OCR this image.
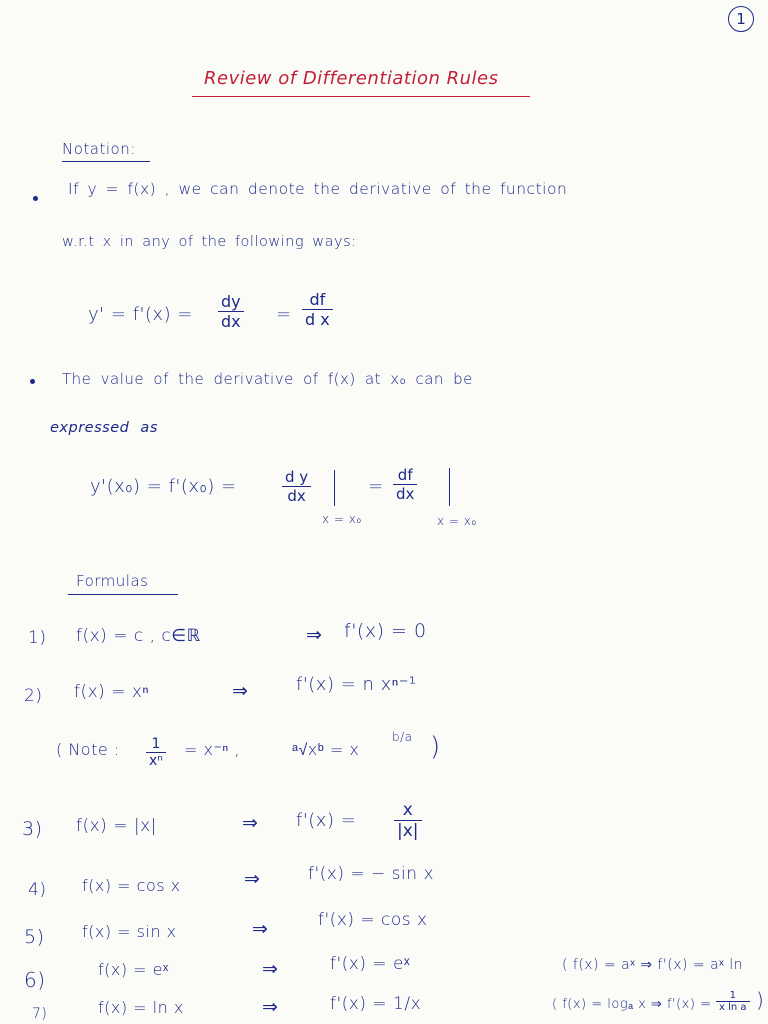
1
Review of Differentiation Rules
Notation:
If y = f(x) , we can denote the derivative of the function
w.r.t x in any of the following ways:
$y' = f'(x) = \frac{dy}{dx} = \frac{df}{\text{d x}}$
The value of the derivative of f(x) at x₀ can be
expressed as
y'(x₀) = f'(x₀) =	$\frac{\text{d y}}{dx}$
x = x₀
= $\frac{df}{dx}$
x = x₀
Formulas
1) f(x) = c , c∈ℝ	⇒ f'(x) = 0
2) f(x) = xⁿ	⇒	f'(x) = n xⁿ⁻¹
( Note : $\frac{1}{\text{xⁿ}} = x^{-n}$ ,	ᵃ√xᵇ = x
b/a )
3) f(x) = |x|	⇒ $f'(x) = \frac{x}{|x|}$
4) f(x) = cos x	⇒	f'(x) = − sin x
5) f(x) = sin x	⇒	f'(x) = cos x
6)	f(x) = eˣ	⇒	f'(x) = eˣ	( f(x) = aˣ ⇒ f'(x) = aˣ ln
7)	f(x) = ln x	⇒	f'(x) = 1/x	( f(x) = logₐ x ⇒ $f'(x) = \frac{1}{\text{x ln a}}$ )
